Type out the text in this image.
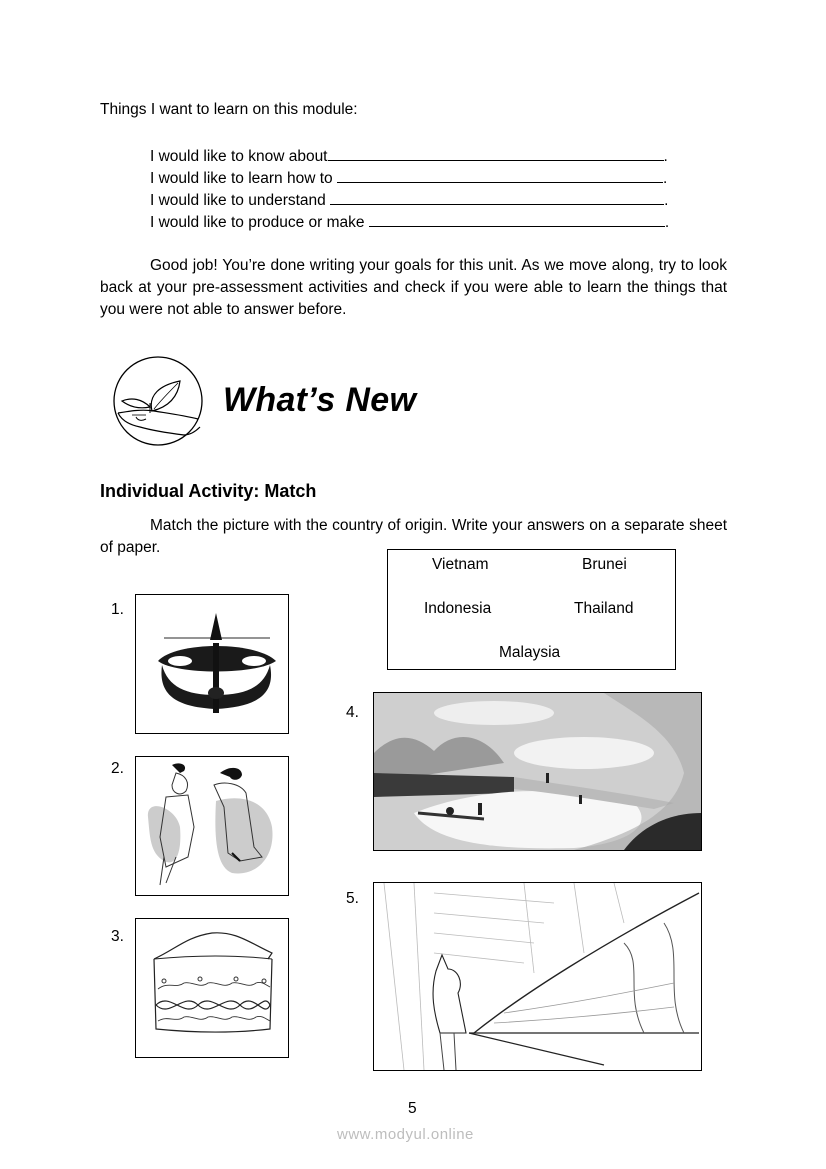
Things I want to learn on this module:
I would like to know about	.
I would like to learn how to	.
I would like to understand	.
I would like to produce or make	.
Good job! You’re done writing your goals for this unit. As we move along, try to look back at your pre-assessment activities and check if you were able to learn the things that you were not able to answer before.
What’s New
Individual Activity: Match
Match the picture with the country of origin. Write your answers on a separate sheet of paper.
Vietnam	Brunei
Indonesia	Thailand
Malaysia
1.
2.
3.
4.
5.
5
www.modyul.online
